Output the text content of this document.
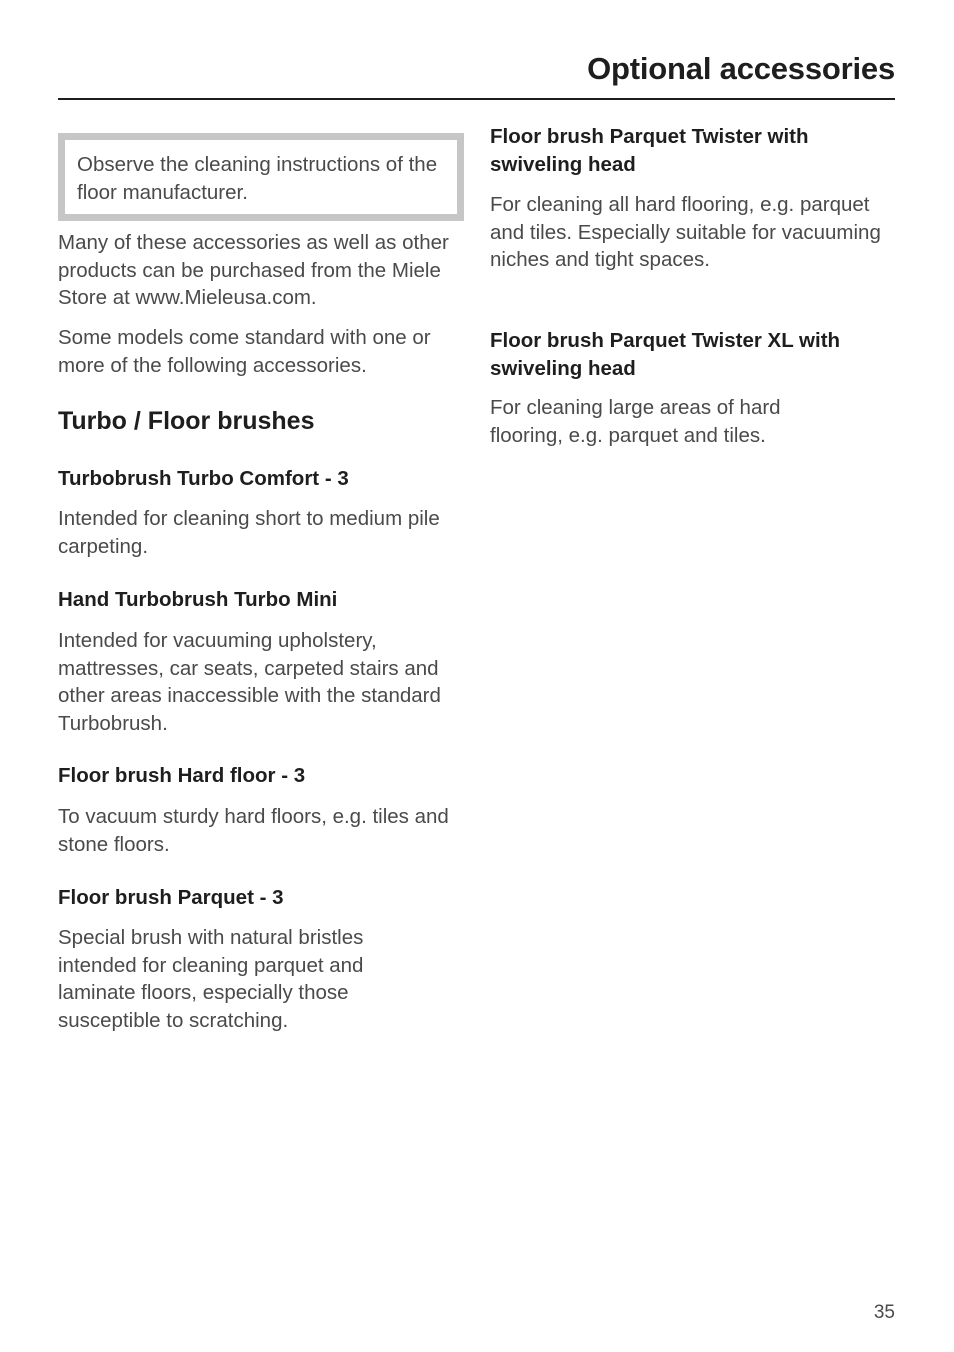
Optional accessories
Observe the cleaning instructions of the floor manufacturer.

Many of these accessories as well as other products can be purchased from the Miele Store at www.Mieleusa.com.

Some models come standard with one or more of the following accessories.

Turbo / Floor brushes
Turbobrush Turbo Comfort - 3

Intended for cleaning short to medium pile carpeting.

Hand Turbobrush Turbo Mini

Intended for vacuuming upholstery, mattresses, car seats, carpeted stairs and other areas inaccessible with the standard Turbobrush.

Floor brush Hard floor - 3

To vacuum sturdy hard floors, e.g. tiles and stone floors.

Floor brush Parquet - 3

Special brush with natural bristles intended for cleaning parquet and laminate floors, especially those susceptible to scratching.

Floor brush Parquet Twister with swiveling head

For cleaning all hard flooring, e.g. parquet and tiles. Especially suitable for vacuuming niches and tight spaces.

Floor brush Parquet Twister XL with swiveling head

For cleaning large areas of hard flooring, e.g. parquet and tiles.

35
